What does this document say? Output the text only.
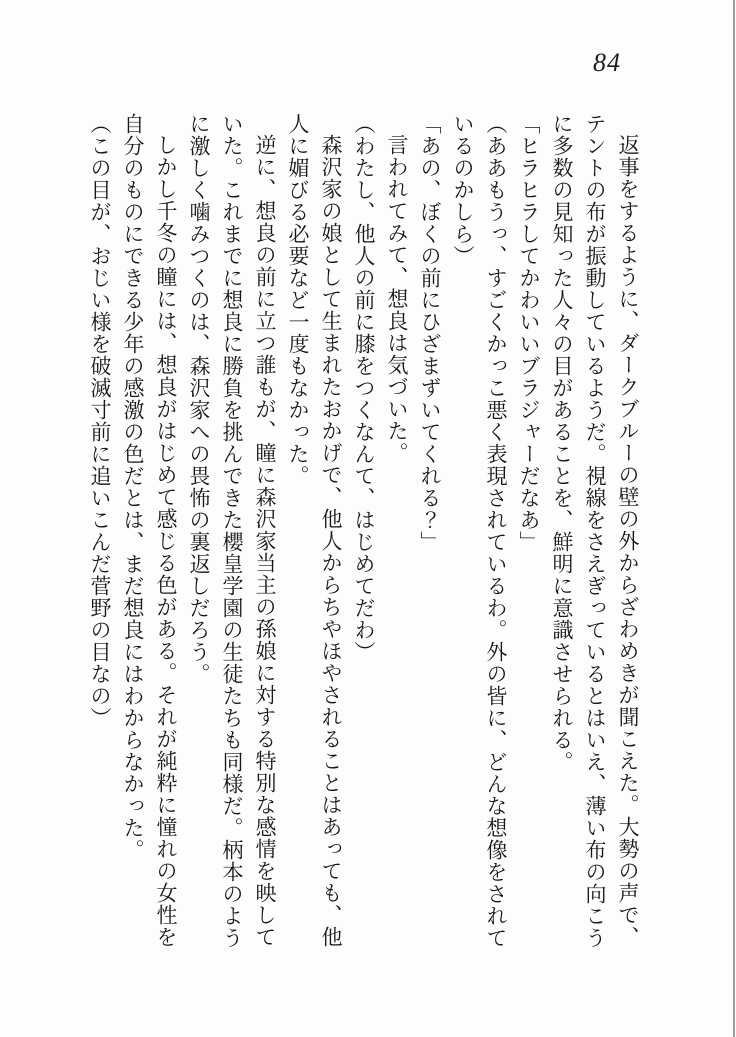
84

返事をするように、ダークブルーの壁の外からざわめきが聞こえた。大勢の声で、

テントの布が振動しているようだ。視線をさえぎっているとはいえ、薄い布の向こう

に多数の見知った人々の目があることを、鮮明に意識させられる。

「ヒラヒラしてかわいいブラジャーだなあ」

（ああもうっ、すごくかっこ悪く表現されているわ。外の皆に、どんな想像をされて

いるのかしら）

「あの、ぼくの前にひざまずいてくれる？」

言われてみて、想良は気づいた。

（わたし、他人の前に膝をつくなんて、はじめてだわ）

森沢家の娘として生まれたおかげで、他人からちやほやされることはあっても、他

人に媚びる必要など一度もなかった。

逆に、想良の前に立つ誰もが、瞳に森沢家当主の孫娘に対する特別な感情を映して

いた。これまでに想良に勝負を挑んできた櫻皇学園の生徒たちも同様だ。柄本のよう

に激しく噛みつくのは、森沢家への畏怖の裏返しだろう。

しかし千冬の瞳には、想良がはじめて感じる色がある。それが純粋に憧れの女性を

自分のものにできる少年の感激の色だとは、まだ想良にはわからなかった。

（この目が、おじい様を破滅寸前に追いこんだ菅野の目なの）
